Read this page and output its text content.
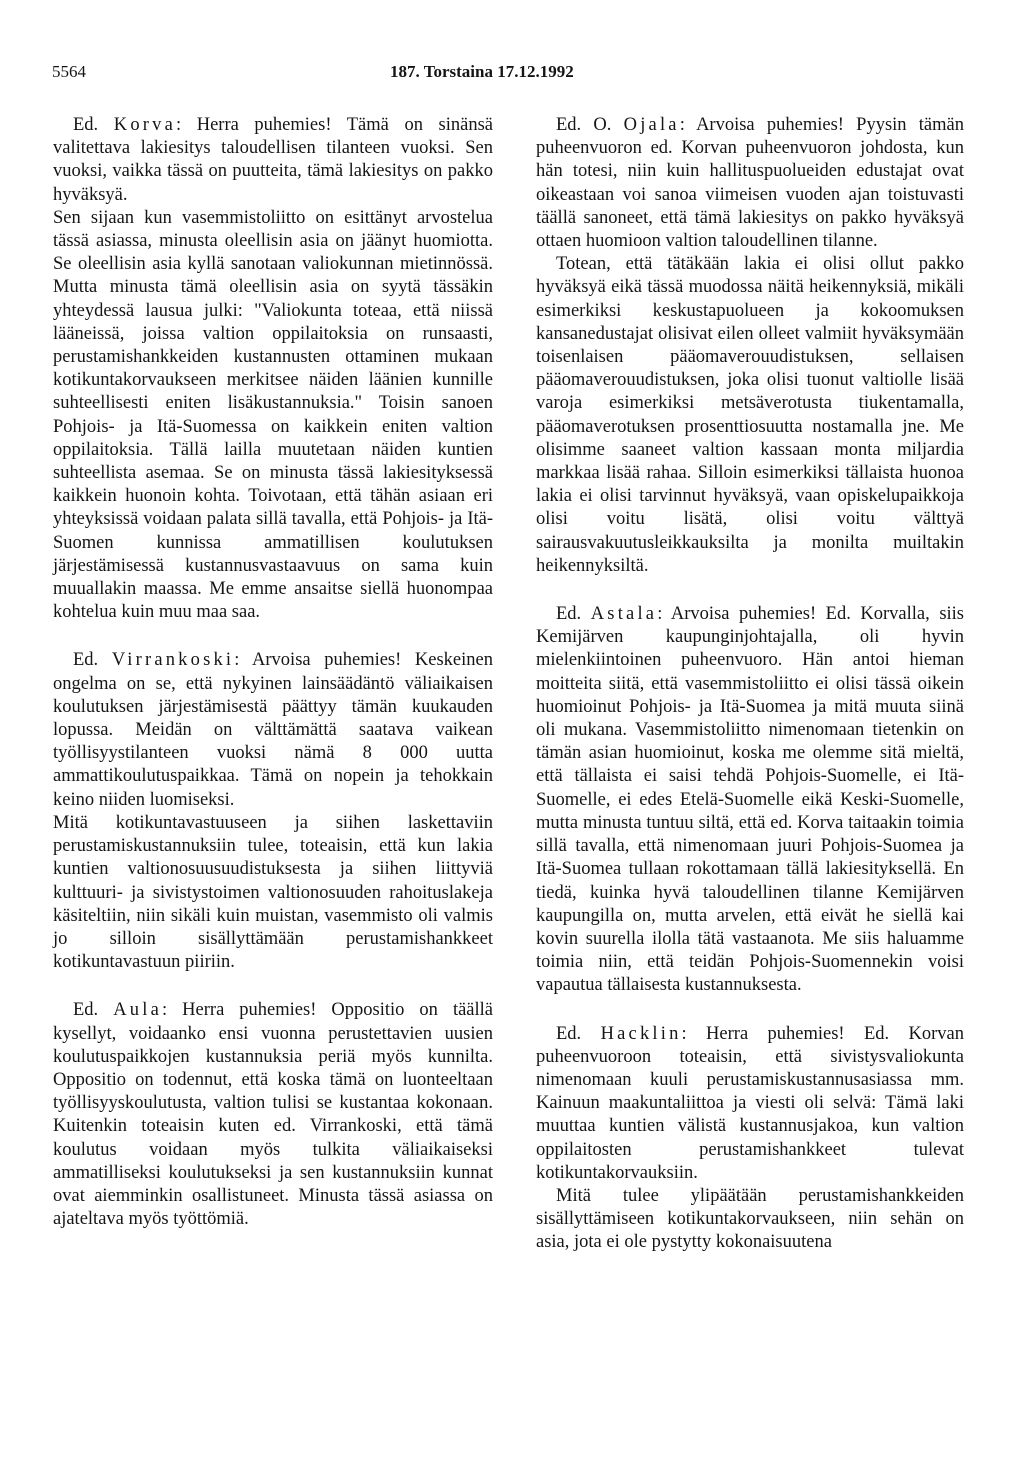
5564	187. Torstaina 17.12.1992

Ed. Korva: Herra puhemies! Tämä on sinänsä valitettava lakiesitys taloudellisen tilanteen vuoksi. Sen vuoksi, vaikka tässä on puutteita, tämä lakiesitys on pakko hyväksyä.

Sen sijaan kun vasemmistoliitto on esittänyt arvostelua tässä asiassa, minusta oleellisin asia on jäänyt huomiotta. Se oleellisin asia kyllä sanotaan valiokunnan mietinnössä. Mutta minusta tämä oleellisin asia on syytä tässäkin yhteydessä lausua julki: "Valiokunta toteaa, että niissä lääneissä, joissa valtion oppilaitoksia on runsaasti, perustamishankkeiden kustannusten ottaminen mukaan kotikuntakorvaukseen merkitsee näiden läänien kunnille suhteellisesti eniten lisäkustannuksia." Toisin sanoen Pohjois- ja Itä-Suomessa on kaikkein eniten valtion oppilaitoksia. Tällä lailla muutetaan näiden kuntien suhteellista asemaa. Se on minusta tässä lakiesityksessä kaikkein huonoin kohta. Toivotaan, että tähän asiaan eri yhteyksissä voidaan palata sillä tavalla, että Pohjois- ja Itä-Suomen kunnissa ammatillisen koulutuksen järjestämisessä kustannusvastaavuus on sama kuin muuallakin maassa. Me emme ansaitse siellä huonompaa kohtelua kuin muu maa saa.

Ed. Virrankoski: Arvoisa puhemies! Keskeinen ongelma on se, että nykyinen lainsäädäntö väliaikaisen koulutuksen järjestämisestä päättyy tämän kuukauden lopussa. Meidän on välttämättä saatava vaikean työllisyystilanteen vuoksi nämä 8 000 uutta ammattikoulutuspaikkaa. Tämä on nopein ja tehokkain keino niiden luomiseksi.

Mitä kotikuntavastuuseen ja siihen laskettaviin perustamiskustannuksiin tulee, toteaisin, että kun lakia kuntien valtionosuusuudistuksesta ja siihen liittyviä kulttuuri- ja sivistystoimen valtionosuuden rahoituslakeja käsiteltiin, niin sikäli kuin muistan, vasemmisto oli valmis jo silloin sisällyttämään perustamishankkeet kotikuntavastuun piiriin.

Ed. Aula: Herra puhemies! Oppositio on täällä kysellyt, voidaanko ensi vuonna perustettavien uusien koulutuspaikkojen kustannuksia periä myös kunnilta. Oppositio on todennut, että koska tämä on luonteeltaan työllisyyskoulutusta, valtion tulisi se kustantaa kokonaan. Kuitenkin toteaisin kuten ed. Virrankoski, että tämä koulutus voidaan myös tulkita väliaikaiseksi ammatilliseksi koulutukseksi ja sen kustannuksiin kunnat ovat aiemminkin osallistuneet. Minusta tässä asiassa on ajateltava myös työttömiä.

Ed. O. Ojala: Arvoisa puhemies! Pyysin tämän puheenvuoron ed. Korvan puheenvuoron johdosta, kun hän totesi, niin kuin hallituspuolueiden edustajat ovat oikeastaan voi sanoa viimeisen vuoden ajan toistuvasti täällä sanoneet, että tämä lakiesitys on pakko hyväksyä ottaen huomioon valtion taloudellinen tilanne.

Totean, että tätäkään lakia ei olisi ollut pakko hyväksyä eikä tässä muodossa näitä heikennyksiä, mikäli esimerkiksi keskustapuolueen ja kokoomuksen kansanedustajat olisivat eilen olleet valmiit hyväksymään toisenlaisen pääomaverouudistuksen, sellaisen pääomaverouudistuksen, joka olisi tuonut valtiolle lisää varoja esimerkiksi metsäverotusta tiukentamalla, pääomaverotuksen prosenttiosuutta nostamalla jne. Me olisimme saaneet valtion kassaan monta miljardia markkaa lisää rahaa. Silloin esimerkiksi tällaista huonoa lakia ei olisi tarvinnut hyväksyä, vaan opiskelupaikkoja olisi voitu lisätä, olisi voitu välttyä sairausvakuutusleikkauksilta ja monilta muiltakin heikennyksiltä.

Ed. Astala: Arvoisa puhemies! Ed. Korvalla, siis Kemijärven kaupunginjohtajalla, oli hyvin mielenkiintoinen puheenvuoro. Hän antoi hieman moitteita siitä, että vasemmistoliitto ei olisi tässä oikein huomioinut Pohjois- ja Itä-Suomea ja mitä muuta siinä oli mukana. Vasemmistoliitto nimenomaan tietenkin on tämän asian huomioinut, koska me olemme sitä mieltä, että tällaista ei saisi tehdä Pohjois-Suomelle, ei Itä-Suomelle, ei edes Etelä-Suomelle eikä Keski-Suomelle, mutta minusta tuntuu siltä, että ed. Korva taitaakin toimia sillä tavalla, että nimenomaan juuri Pohjois-Suomea ja Itä-Suomea tullaan rokottamaan tällä lakiesityksellä. En tiedä, kuinka hyvä taloudellinen tilanne Kemijärven kaupungilla on, mutta arvelen, että eivät he siellä kai kovin suurella ilolla tätä vastaanota. Me siis haluamme toimia niin, että teidän Pohjois-Suomennekin voisi vapautua tällaisesta kustannuksesta.

Ed. Hacklin: Herra puhemies! Ed. Korvan puheenvuoroon toteaisin, että sivistysvaliokunta nimenomaan kuuli perustamiskustannusasiassa mm. Kainuun maakuntaliittoa ja viesti oli selvä: Tämä laki muuttaa kuntien välistä kustannusjakoa, kun valtion oppilaitosten perustamishankkeet tulevat kotikuntakorvauksiin.

Mitä tulee ylipäätään perustamishankkeiden sisällyttämiseen kotikuntakorvaukseen, niin sehän on asia, jota ei ole pystytty kokonaisuutena
